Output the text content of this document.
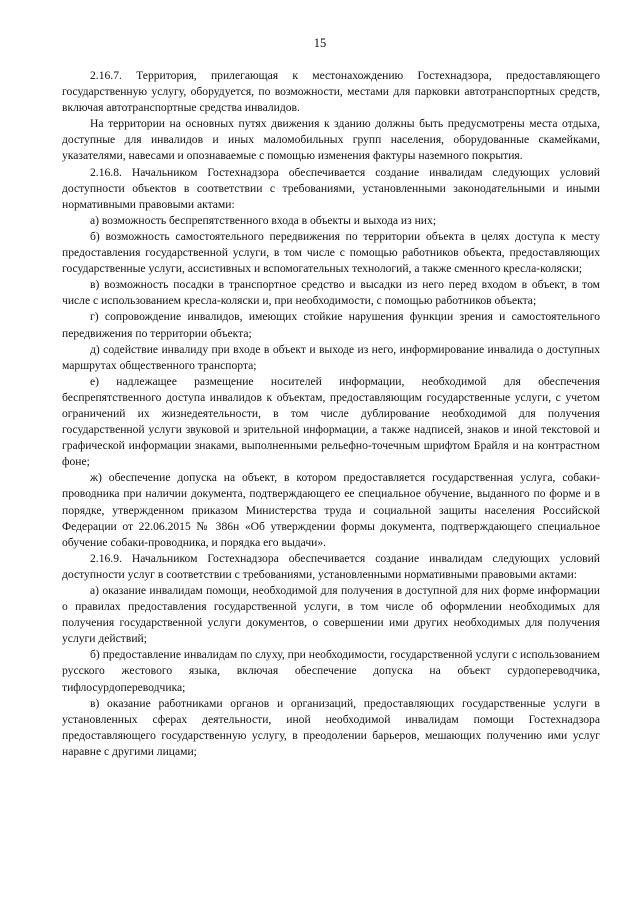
15

2.16.7. Территория, прилегающая к местонахождению Гостехнадзора, предоставляющего государственную услугу, оборудуется, по возможности, местами для парковки автотранспортных средств, включая автотранспортные средства инвалидов.

На территории на основных путях движения к зданию должны быть предусмотрены места отдыха, доступные для инвалидов и иных маломобильных групп населения, оборудованные скамейками, указателями, навесами и опознаваемые с помощью изменения фактуры наземного покрытия.

2.16.8. Начальником Гостехнадзора обеспечивается создание инвалидам следующих условий доступности объектов в соответствии с требованиями, установленными законодательными и иными нормативными правовыми актами:

а) возможность беспрепятственного входа в объекты и выхода из них;

б) возможность самостоятельного передвижения по территории объекта в целях доступа к месту предоставления государственной услуги, в том числе с помощью работников объекта, предоставляющих государственные услуги, ассистивных и вспомогательных технологий, а также сменного кресла-коляски;

в) возможность посадки в транспортное средство и высадки из него перед входом в объект, в том числе с использованием кресла-коляски и, при необходимости, с помощью работников объекта;

г) сопровождение инвалидов, имеющих стойкие нарушения функции зрения и самостоятельного передвижения по территории объекта;

д) содействие инвалиду при входе в объект и выходе из него, информирование инвалида о доступных маршрутах общественного транспорта;

е) надлежащее размещение носителей информации, необходимой для обеспечения беспрепятственного доступа инвалидов к объектам, предоставляющим государственные услуги, с учетом ограничений их жизнедеятельности, в том числе дублирование необходимой для получения государственной услуги звуковой и зрительной информации, а также надписей, знаков и иной текстовой и графической информации знаками, выполненными рельефно-точечным шрифтом Брайля и на контрастном фоне;

ж) обеспечение допуска на объект, в котором предоставляется государственная услуга, собаки-проводника при наличии документа, подтверждающего ее специальное обучение, выданного по форме и в порядке, утвержденном приказом Министерства труда и социальной защиты населения Российской Федерации от 22.06.2015 № 386н «Об утверждении формы документа, подтверждающего специальное обучение собаки-проводника, и порядка его выдачи».

2.16.9. Начальником Гостехнадзора обеспечивается создание инвалидам следующих условий доступности услуг в соответствии с требованиями, установленными нормативными правовыми актами:

а) оказание инвалидам помощи, необходимой для получения в доступной для них форме информации о правилах предоставления государственной услуги, в том числе об оформлении необходимых для получения государственной услуги документов, о совершении ими других необходимых для получения услуги действий;

б) предоставление инвалидам по слуху, при необходимости, государственной услуги с использованием русского жестового языка, включая обеспечение допуска на объект сурдопереводчика, тифлосурдопереводчика;

в) оказание работниками органов и организаций, предоставляющих государственные услуги в установленных сферах деятельности, иной необходимой инвалидам помощи Гостехнадзора предоставляющего государственную услугу, в преодолении барьеров, мешающих получению ими услуг наравне с другими лицами;
